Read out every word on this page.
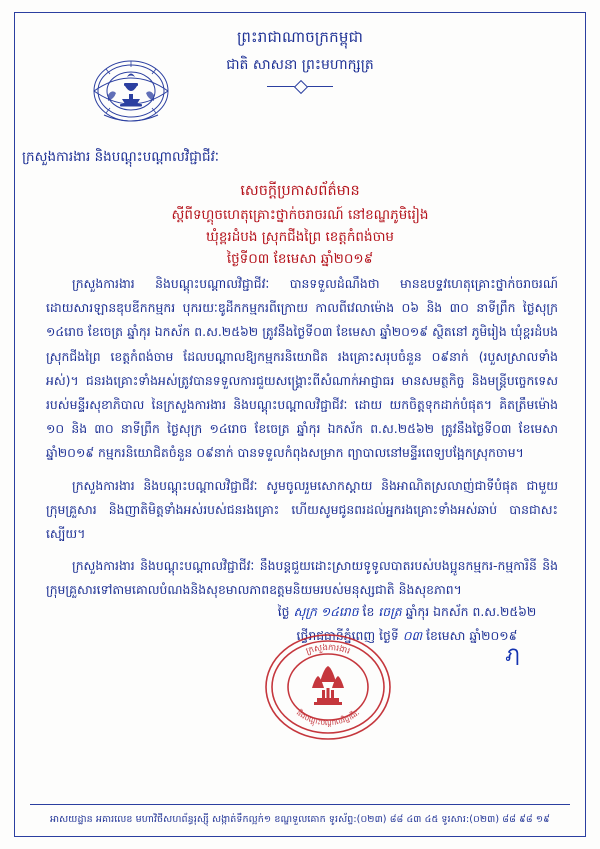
ព្រះរាជាណាចក្រកម្ពុជា
ជាតិ សាសនា ព្រះមហាក្សត្រ
ក្រសួងការងារ និងបណ្ដុះបណ្ដាលវិជ្ជាជីវៈ
សេចក្ដីប្រកាសព័ត៌មាន
ស្ដីពីទហ្គុចហេតុគ្រោះថ្នាក់ចរាចរណ៍ នៅខណ្ឌភូមិរៀង
ឃុំខ្ពរដំបង ស្រុកជីងព្រៃ ខេត្តកំពង់ចាម
ថ្ងៃទី០៣ ខែមេសា ឆ្នាំ២០១៩

ក្រសួងការងារ និងបណ្ដុះបណ្ដាលវិជ្ជាជីវៈ បានទទួលដំណឹងថា មានឧបទ្ទវហេតុគ្រោះថ្នាក់ចរាចរណ៍ ដោយសារឡានឌុបឌីកកម្មករ បុករយៈឌូដីកកម្មករពីក្រោយ កាលពីវេលាម៉ោង ០៦ និង ៣០ នាទីព្រឹក ថ្ងៃសុក្រ ១៤រោច ខែចេត្រ ឆ្នាំកុរ ឯកស័ក ព.ស.២៥៦២ ត្រូវនឹងថ្ងៃទី០៣ ខែមេសា ឆ្នាំ២០១៩ ស្ថិតនៅ ភូមិរៀង ឃុំខ្ពរដំបង ស្រុកជីងព្រៃ ខេត្តកំពង់ចាម ដែលបណ្ដាលឱ្យកម្មករនិយោជិត រងគ្រោះសរុបចំនួន ០៩នាក់ (របួសស្រាលទាំងអស់)។ ជនរងគ្រោះទាំងអស់ត្រូវបានទទួលការជួយសង្គ្រោះពីសំណាក់អាជ្ញាធរ មានសមត្ថកិច្ច និងមន្ត្រីបច្ចេកទេសរបស់មន្ទីរសុខាភិបាល នៃក្រសួងការងារ និងបណ្ដុះបណ្ដាលវិជ្ជាជីវៈ ដោយ យកចិត្តទុកដាក់បំផុត។ គិតត្រឹមម៉ោង ១០ និង ៣០ នាទីព្រឹក ថ្ងៃសុក្រ ១៤រោច ខែចេត្រ ឆ្នាំកុរ ឯកស័ក ព.ស.២៥៦២ ត្រូវនឹងថ្ងៃទី០៣ ខែមេសា ឆ្នាំ២០១៩ កម្មករនិយោជិតចំនួន ០៩នាក់ បានទទួលកំពុងសម្រាក ព្យាបាលនៅមន្ទីរពេទ្យបង្អែកស្រុកចាម។

ក្រសួងការងារ និងបណ្ដុះបណ្ដាលវិជ្ជាជីវៈ សូមចូលរួមសោកស្ដាយ និងអាណិតស្រលាញ់ជាទីបំផុត ជាមួយក្រុមគ្រួសារ និងញាតិមិត្តទាំងអស់របស់ជនរងគ្រោះ ហើយសូមជូនពរដល់អ្នករងគ្រោះទាំងអស់ឆាប់ បានជាសះស្បើយ។

ក្រសួងការងារ និងបណ្ដុះបណ្ដាលវិជ្ជាជីវៈ នឹងបន្តជួយដោះស្រាយទូទូលបាតរបស់បងប្អូនកម្មករ-កម្មការិនី និងក្រុមគ្រួសារទៅតាមគោលបំណងនិងសុខមាលភាពឧត្តមនិយមរបស់មនុស្សជាតិ និងសុខភាព។

ថ្ងៃ សុក្រ ១៤រោច ខែ ចេត្រ ឆ្នាំកុរ ឯកស័ក ព.ស.២៥៦២
ថ្វើរាជធានីភ្នំពេញ ថ្ងៃទី ០៣ ខែមេសា ឆ្នាំ២០១៩
ฦ
ក្រសួងការងារ
និងបណ្ដុះបណ្ដាលវិជ្ជាជីវៈ
អាសយដ្ឋាន អគារលេខ មហាវិថីសហព័ន្ធរុស្ស៊ី សង្កាត់ទឹកល្អក់១ ខណ្ឌទួលគោក ទូរស័ព្ទ:(០២៣) ៨៨ ៤៣ ៤៥ ទូរសារ:(០២៣) ៨៨ ៩៨ ១៩
